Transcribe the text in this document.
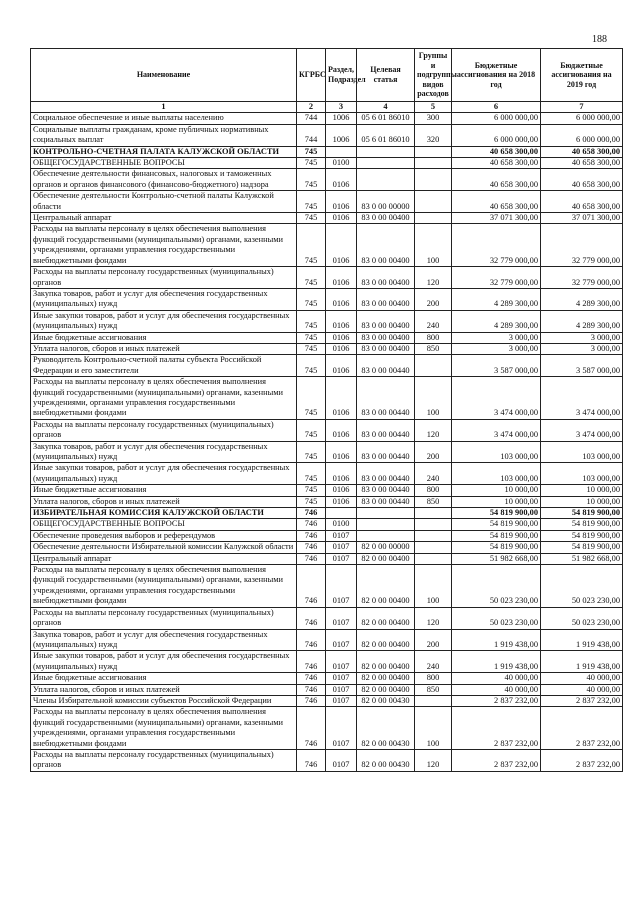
188
Наименование	КГРБС	Раздел, Подраздел	Целевая статья	Группы и подгруппы видов расходов	Бюджетные ассигнования на 2018 год	Бюджетные ассигнования на 2019 год
1	2	3	4	5	6	7
Социальное обеспечение и иные выплаты населению	744	1006	05 6 01 86010	300	6 000 000,00	6 000 000,00
Социальные выплаты гражданам, кроме публичных нормативных социальных выплат	744	1006	05 6 01 86010	320	6 000 000,00	6 000 000,00
КОНТРОЛЬНО-СЧЕТНАЯ ПАЛАТА КАЛУЖСКОЙ ОБЛАСТИ	745				40 658 300,00	40 658 300,00
ОБЩЕГОСУДАРСТВЕННЫЕ ВОПРОСЫ	745	0100			40 658 300,00	40 658 300,00
Обеспечение деятельности финансовых, налоговых и таможенных органов и органов финансового (финансово-бюджетного) надзора	745	0106			40 658 300,00	40 658 300,00
Обеспечение деятельности Контрольно-счетной палаты Калужской области	745	0106	83 0 00 00000		40 658 300,00	40 658 300,00
Центральный аппарат	745	0106	83 0 00 00400		37 071 300,00	37 071 300,00
Расходы на выплаты персоналу в целях обеспечения выполнения функций государственными (муниципальными) органами, казенными учреждениями, органами управления государственными внебюджетными фондами	745	0106	83 0 00 00400	100	32 779 000,00	32 779 000,00
Расходы на выплаты персоналу государственных (муниципальных) органов	745	0106	83 0 00 00400	120	32 779 000,00	32 779 000,00
Закупка товаров, работ и услуг для обеспечения государственных (муниципальных) нужд	745	0106	83 0 00 00400	200	4 289 300,00	4 289 300,00
Иные закупки товаров, работ и услуг для обеспечения государственных (муниципальных) нужд	745	0106	83 0 00 00400	240	4 289 300,00	4 289 300,00
Иные бюджетные ассигнования	745	0106	83 0 00 00400	800	3 000,00	3 000,00
Уплата налогов, сборов и иных платежей	745	0106	83 0 00 00400	850	3 000,00	3 000,00
Руководитель Контрольно-счетной палаты субъекта Российской Федерации и его заместители	745	0106	83 0 00 00440		3 587 000,00	3 587 000,00
Расходы на выплаты персоналу в целях обеспечения выполнения функций государственными (муниципальными) органами, казенными учреждениями, органами управления государственными внебюджетными фондами	745	0106	83 0 00 00440	100	3 474 000,00	3 474 000,00
Расходы на выплаты персоналу государственных (муниципальных) органов	745	0106	83 0 00 00440	120	3 474 000,00	3 474 000,00
Закупка товаров, работ и услуг для обеспечения государственных (муниципальных) нужд	745	0106	83 0 00 00440	200	103 000,00	103 000,00
Иные закупки товаров, работ и услуг для обеспечения государственных (муниципальных) нужд	745	0106	83 0 00 00440	240	103 000,00	103 000,00
Иные бюджетные ассигнования	745	0106	83 0 00 00440	800	10 000,00	10 000,00
Уплата налогов, сборов и иных платежей	745	0106	83 0 00 00440	850	10 000,00	10 000,00
ИЗБИРАТЕЛЬНАЯ КОМИССИЯ КАЛУЖСКОЙ ОБЛАСТИ	746				54 819 900,00	54 819 900,00
ОБЩЕГОСУДАРСТВЕННЫЕ ВОПРОСЫ	746	0100			54 819 900,00	54 819 900,00
Обеспечение проведения выборов и референдумов	746	0107			54 819 900,00	54 819 900,00
Обеспечение деятельности Избирательной комиссии Калужской области	746	0107	82 0 00 00000		54 819 900,00	54 819 900,00
Центральный аппарат	746	0107	82 0 00 00400		51 982 668,00	51 982 668,00
Расходы на выплаты персоналу в целях обеспечения выполнения функций государственными (муниципальными) органами, казенными учреждениями, органами управления государственными внебюджетными фондами	746	0107	82 0 00 00400	100	50 023 230,00	50 023 230,00
Расходы на выплаты персоналу государственных (муниципальных) органов	746	0107	82 0 00 00400	120	50 023 230,00	50 023 230,00
Закупка товаров, работ и услуг для обеспечения государственных (муниципальных) нужд	746	0107	82 0 00 00400	200	1 919 438,00	1 919 438,00
Иные закупки товаров, работ и услуг для обеспечения государственных (муниципальных) нужд	746	0107	82 0 00 00400	240	1 919 438,00	1 919 438,00
Иные бюджетные ассигнования	746	0107	82 0 00 00400	800	40 000,00	40 000,00
Уплата налогов, сборов и иных платежей	746	0107	82 0 00 00400	850	40 000,00	40 000,00
Члены Избирательной комиссии субъектов Российской Федерации	746	0107	82 0 00 00430		2 837 232,00	2 837 232,00
Расходы на выплаты персоналу в целях обеспечения выполнения функций государственными (муниципальными) органами, казенными учреждениями, органами управления государственными внебюджетными фондами	746	0107	82 0 00 00430	100	2 837 232,00	2 837 232,00
Расходы на выплаты персоналу государственных (муниципальных) органов	746	0107	82 0 00 00430	120	2 837 232,00	2 837 232,00
